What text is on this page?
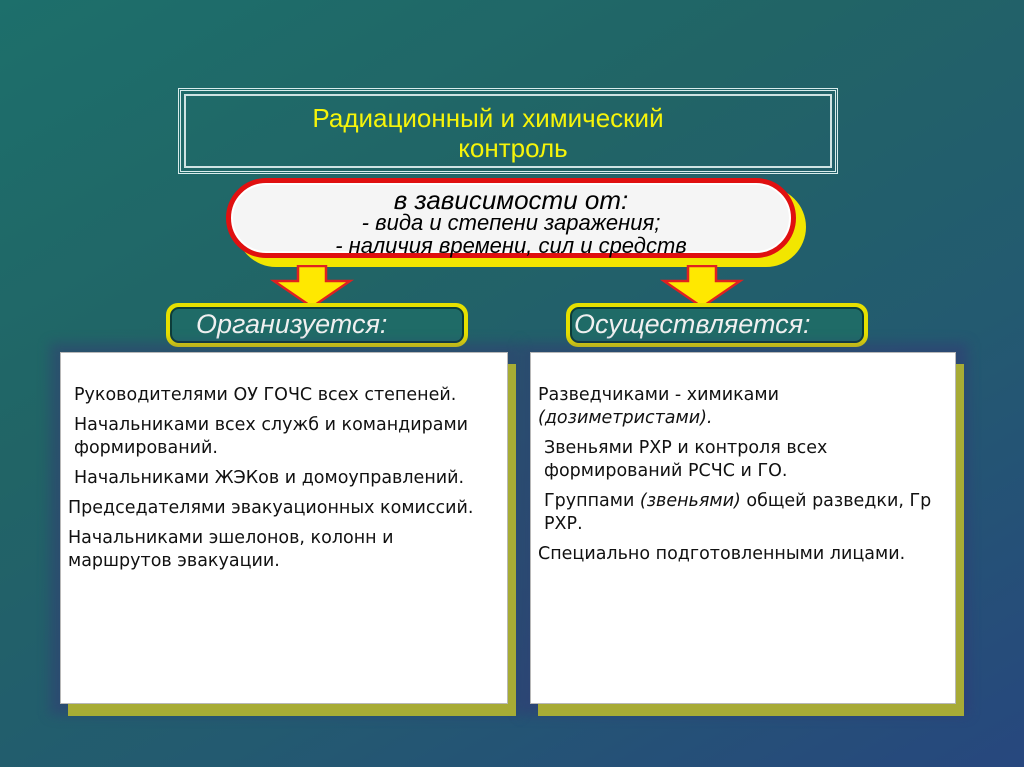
Радиационный и химический
контроль
в зависимости от:
- вида и степени заражения;
- наличия времени, сил и средств
Организуется:	Осуществляется:
Руководителями ОУ ГОЧС всех степеней.
Начальниками всех служб и командирами формирований.
Начальниками ЖЭКов и домоуправлений.
Председателями эвакуационных комиссий.
Начальниками эшелонов, колонн и маршрутов эвакуации.
Разведчиками - химиками (дозиметристами).
Звеньями РХР и контроля всех формирований РСЧС и ГО.
Группами (звеньями) общей разведки, Гр РХР.
Специально подготовленными лицами.
